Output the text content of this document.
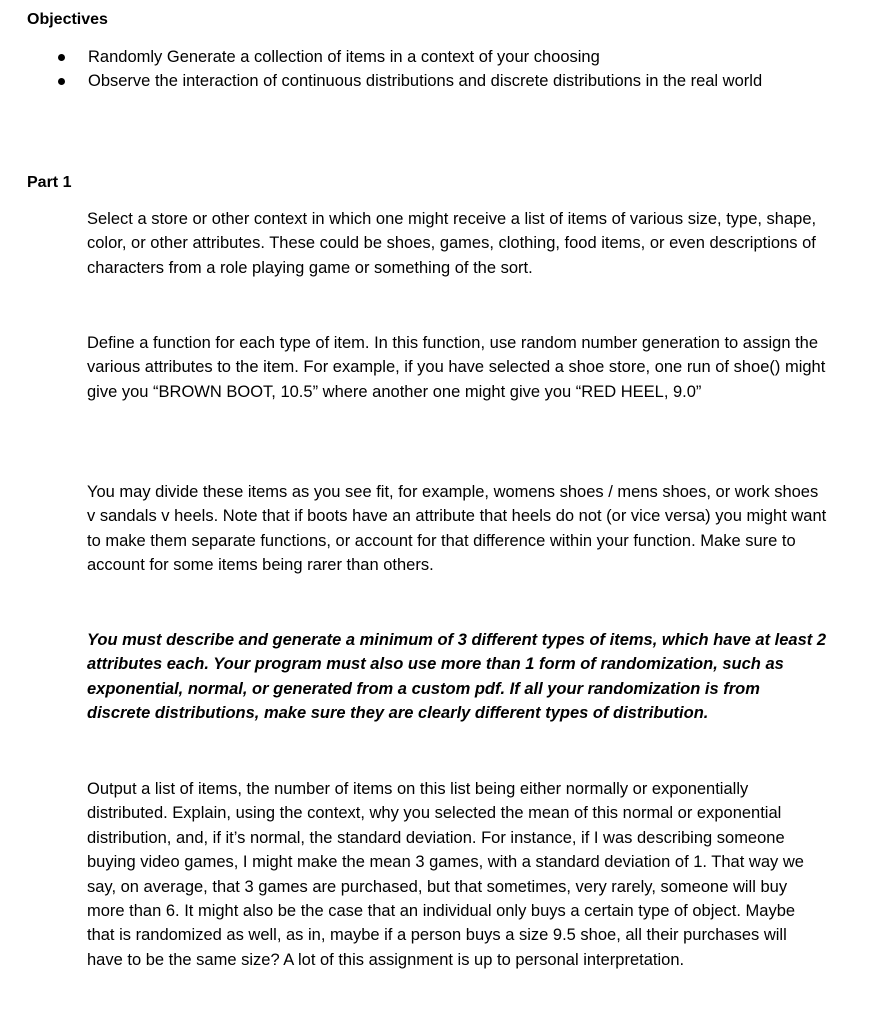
Objectives
Randomly Generate a collection of items in a context of your choosing
Observe the interaction of continuous distributions and discrete distributions in the real world
Part 1

Select a store or other context in which one might receive a list of items of various size, type, shape, color, or other attributes. These could be shoes, games, clothing, food items, or even descriptions of characters from a role playing game or something of the sort.

Define a function for each type of item. In this function, use random number generation to assign the various attributes to the item. For example, if you have selected a shoe store, one run of shoe() might give you “BROWN BOOT, 10.5” where another one might give you “RED HEEL, 9.0”

You may divide these items as you see fit, for example, womens shoes / mens shoes, or work shoes v sandals v heels. Note that if boots have an attribute that heels do not (or vice versa) you might want to make them separate functions, or account for that difference within your function. Make sure to account for some items being rarer than others.

You must describe and generate a minimum of 3 different types of items, which have at least 2 attributes each. Your program must also use more than 1 form of randomization, such as exponential, normal, or generated from a custom pdf. If all your randomization is from discrete distributions, make sure they are clearly different types of distribution.

Output a list of items, the number of items on this list being either normally or exponentially distributed. Explain, using the context, why you selected the mean of this normal or exponential distribution, and, if it’s normal, the standard deviation. For instance, if I was describing someone buying video games, I might make the mean 3 games, with a standard deviation of 1. That way we say, on average, that 3 games are purchased, but that sometimes, very rarely, someone will buy more than 6. It might also be the case that an individual only buys a certain type of object. Maybe that is randomized as well, as in, maybe if a person buys a size 9.5 shoe, all their purchases will have to be the same size? A lot of this assignment is up to personal interpretation.
